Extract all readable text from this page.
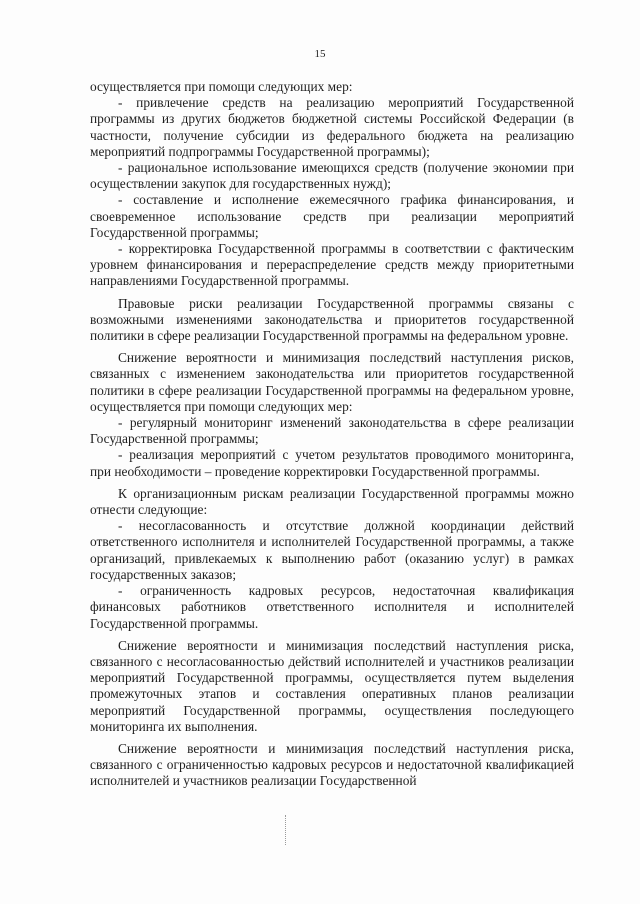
15

осуществляется при помощи следующих мер:

- привлечение средств на реализацию мероприятий Государственной программы из других бюджетов бюджетной системы Российской Федерации (в частности, получение субсидии из федерального бюджета на реализацию мероприятий подпрограммы Государственной программы);

- рациональное использование имеющихся средств (получение экономии при осуществлении закупок для государственных нужд);

- составление и исполнение ежемесячного графика финансирования, и своевременное использование средств при реализации мероприятий Государственной программы;

- корректировка Государственной программы в соответствии с фактическим уровнем финансирования и перераспределение средств между приоритетными направлениями Государственной программы.

Правовые риски реализации Государственной программы связаны с возможными изменениями законодательства и приоритетов государственной политики в сфере реализации Государственной программы на федеральном уровне.

Снижение вероятности и минимизация последствий наступления рисков, связанных с изменением законодательства или приоритетов государственной политики в сфере реализации Государственной программы на федеральном уровне, осуществляется при помощи следующих мер:

- регулярный мониторинг изменений законодательства в сфере реализации Государственной программы;

- реализация мероприятий с учетом результатов проводимого мониторинга, при необходимости – проведение корректировки Государственной программы.

К организационным рискам реализации Государственной программы можно отнести следующие:

- несогласованность и отсутствие должной координации действий ответственного исполнителя и исполнителей Государственной программы, а также организаций, привлекаемых к выполнению работ (оказанию услуг) в рамках государственных заказов;

- ограниченность кадровых ресурсов, недостаточная квалификация финансовых работников ответственного исполнителя и исполнителей Государственной программы.

Снижение вероятности и минимизация последствий наступления риска, связанного с несогласованностью действий исполнителей и участников реализации мероприятий Государственной программы, осуществляется путем выделения промежуточных этапов и составления оперативных планов реализации мероприятий Государственной программы, осуществления последующего мониторинга их выполнения.

Снижение вероятности и минимизация последствий наступления риска, связанного с ограниченностью кадровых ресурсов и недостаточной квалификацией исполнителей и участников реализации Государственной
